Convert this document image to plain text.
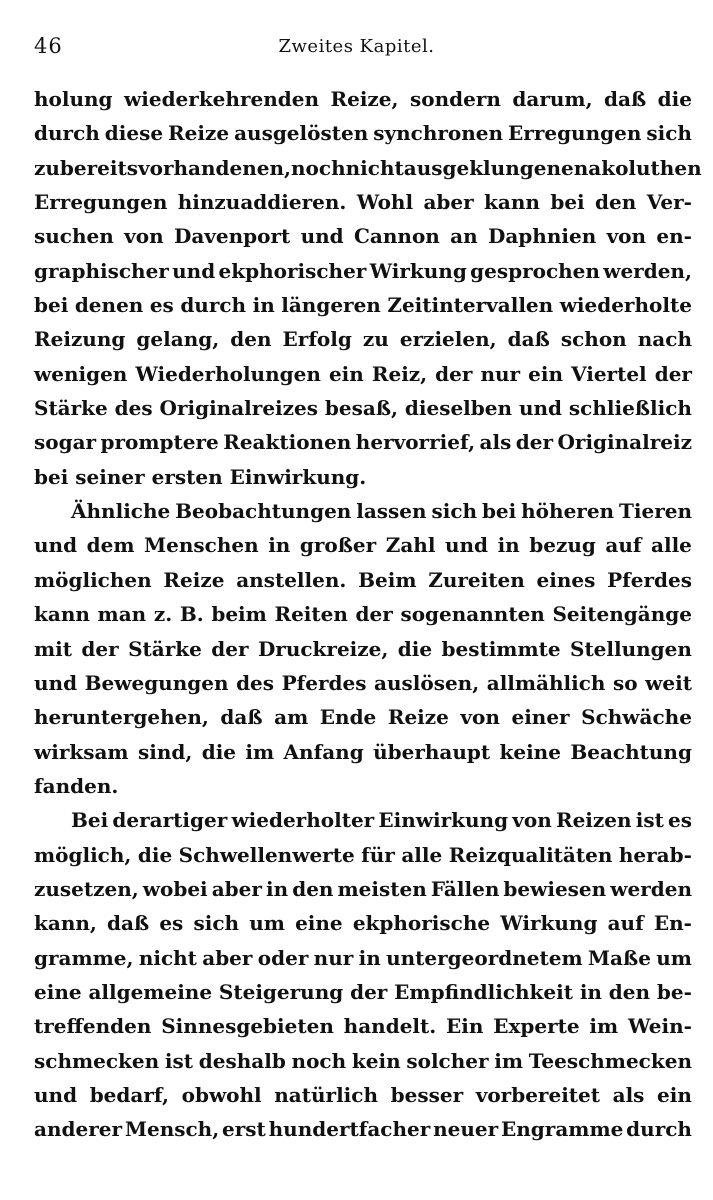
46	Zweites Kapitel.
holung wiederkehrenden Reize, sondern darum, daß die
durch diese Reize ausgelösten synchronen Erregungen sich
zu bereits vorhandenen, noch nicht ausgeklungenen akoluthen
Erregungen hinzuaddieren. Wohl aber kann bei den Ver-
suchen von Davenport und Cannon an Daphnien von en-
graphischer und ekphorischer Wirkung gesprochen werden,
bei denen es durch in längeren Zeitintervallen wiederholte
Reizung gelang, den Erfolg zu erzielen, daß schon nach
wenigen Wiederholungen ein Reiz, der nur ein Viertel der
Stärke des Originalreizes besaß, dieselben und schließlich
sogar promptere Reaktionen hervorrief, als der Originalreiz
bei seiner ersten Einwirkung.
Ähnliche Beobachtungen lassen sich bei höheren Tieren
und dem Menschen in großer Zahl und in bezug auf alle
möglichen Reize anstellen. Beim Zureiten eines Pferdes
kann man z. B. beim Reiten der sogenannten Seitengänge
mit der Stärke der Druckreize, die bestimmte Stellungen
und Bewegungen des Pferdes auslösen, allmählich so weit
heruntergehen, daß am Ende Reize von einer Schwäche
wirksam sind, die im Anfang überhaupt keine Beachtung
fanden.
Bei derartiger wiederholter Einwirkung von Reizen ist es
möglich, die Schwellenwerte für alle Reizqualitäten herab-
zusetzen, wobei aber in den meisten Fällen bewiesen werden
kann, daß es sich um eine ekphorische Wirkung auf En-
gramme, nicht aber oder nur in untergeordnetem Maße um
eine allgemeine Steigerung der Empfindlichkeit in den be-
treffenden Sinnesgebieten handelt. Ein Experte im Wein-
schmecken ist deshalb noch kein solcher im Teeschmecken
und bedarf, obwohl natürlich besser vorbereitet als ein
anderer Mensch, erst hundertfacher neuer Engramme durch
